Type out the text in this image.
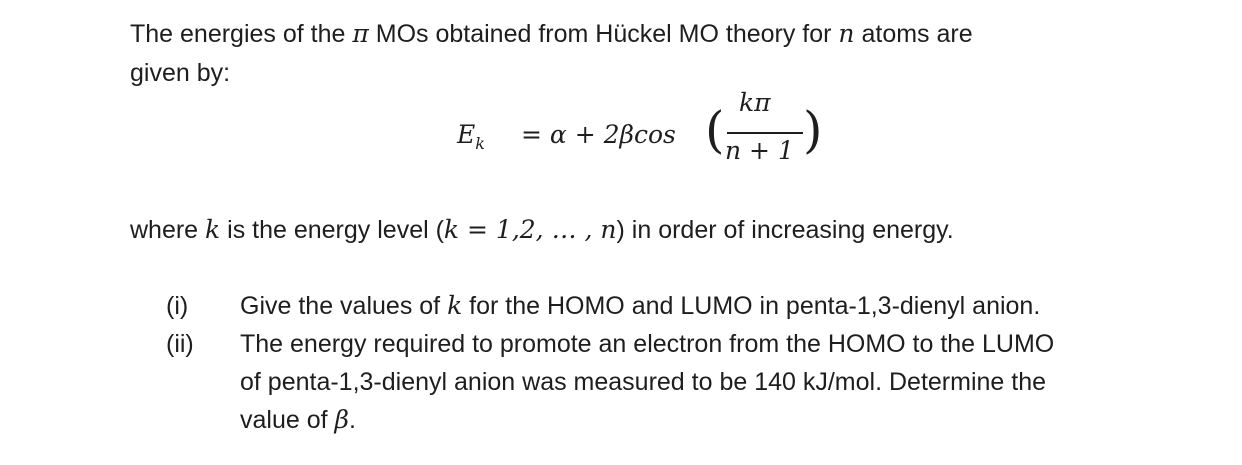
The energies of the π MOs obtained from Hückel MO theory for n atoms are
given by:
$E_k = \alpha + 2\beta\cos$ ( kπ
n + 1 )
where k is the energy level (k = 1,2, … , n) in order of increasing energy.
(i) Give the values of k for the HOMO and LUMO in penta-1,3-dienyl anion.
(ii) The energy required to promote an electron from the HOMO to the LUMO
of penta-1,3-dienyl anion was measured to be 140 kJ/mol. Determine the
value of β.
